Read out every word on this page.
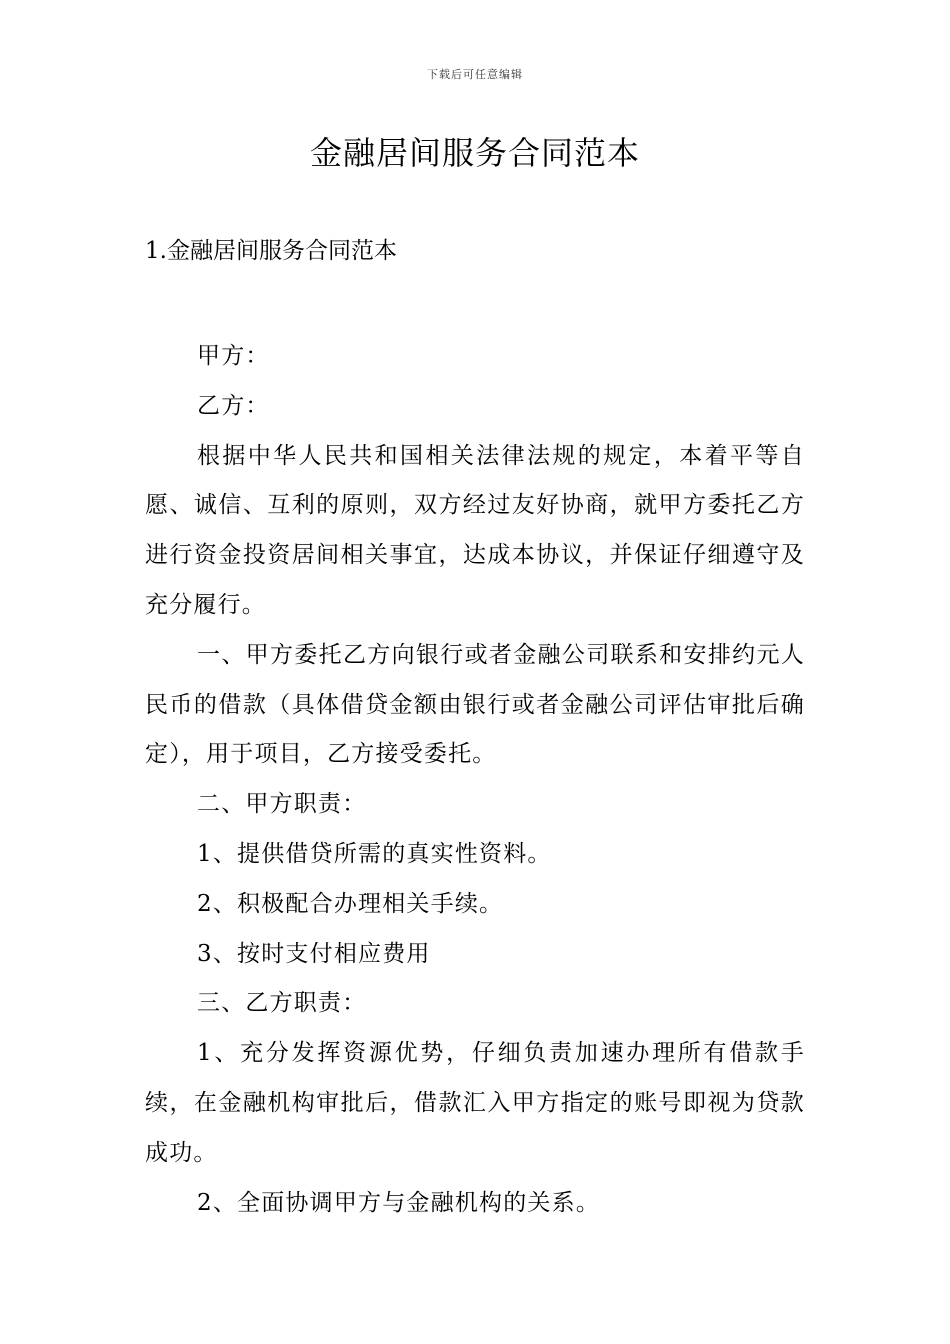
下载后可任意编辑
金融居间服务合同范本
1.金融居间服务合同范本

甲方：

乙方：

根据中华人民共和国相关法律法规的规定，本着平等自愿、诚信、互利的原则，双方经过友好协商，就甲方委托乙方进行资金投资居间相关事宜，达成本协议，并保证仔细遵守及充分履行。

一、甲方委托乙方向银行或者金融公司联系和安排约元人民币的借款（具体借贷金额由银行或者金融公司评估审批后确定），用于项目，乙方接受委托。

二、甲方职责：

1、提供借贷所需的真实性资料。

2、积极配合办理相关手续。

3、按时支付相应费用

三、乙方职责：

1、充分发挥资源优势，仔细负责加速办理所有借款手续，在金融机构审批后，借款汇入甲方指定的账号即视为贷款成功。

2、全面协调甲方与金融机构的关系。
